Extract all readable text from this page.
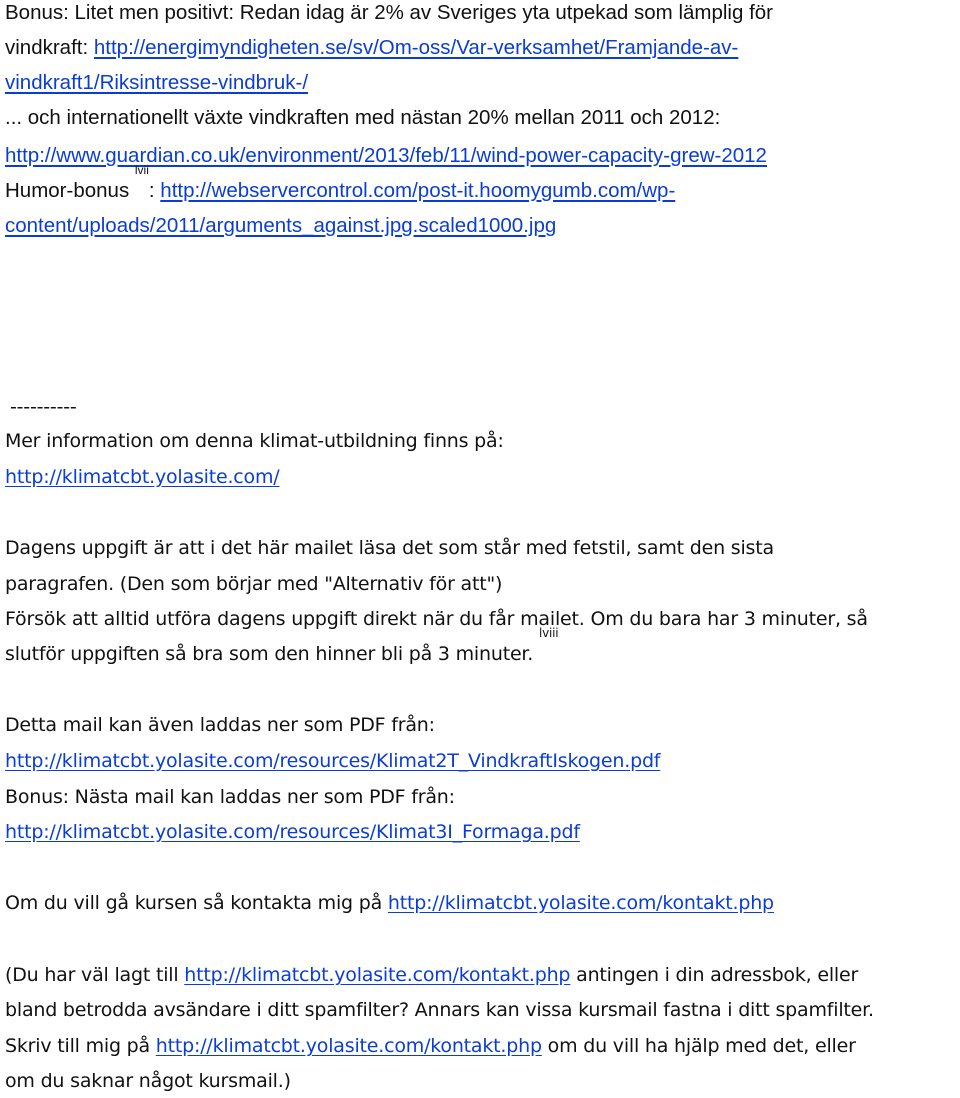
Bonus: Litet men positivt: Redan idag är 2% av Sveriges yta utpekad som lämplig för
vindkraft: http://energimyndigheten.se/sv/Om-oss/Var-verksamhet/Framjande-av-
vindkraft1/Riksintresse-vindbruk-/
... och internationellt växte vindkraften med nästan 20% mellan 2011 och 2012:
http://www.guardian.co.uk/environment/2013/feb/11/wind-power-capacity-grew-2012
Humor-bonus $^{lvii}$: http://webservercontrol.com/post-it.hoomygumb.com/wp-
content/uploads/2011/arguments_against.jpg.scaled1000.jpg
----------
Mer information om denna klimat-utbildning finns på:
http://klimatcbt.yolasite.com/
Dagens uppgift är att i det här mailet läsa det som står med fetstil, samt den sista
paragrafen. (Den som börjar med "Alternativ för att")
Försök att alltid utföra dagens uppgift direkt när du får mailet. Om du bara har 3 minuter, så
slutför uppgiften så bra som den hinner bli på 3 minuter. $^{lviii}$
Detta mail kan även laddas ner som PDF från:
http://klimatcbt.yolasite.com/resources/Klimat2T_VindkraftIskogen.pdf
Bonus: Nästa mail kan laddas ner som PDF från:
http://klimatcbt.yolasite.com/resources/Klimat3I_Formaga.pdf
Om du vill gå kursen så kontakta mig på http://klimatcbt.yolasite.com/kontakt.php
(Du har väl lagt till http://klimatcbt.yolasite.com/kontakt.php antingen i din adressbok, eller
bland betrodda avsändare i ditt spamfilter? Annars kan vissa kursmail fastna i ditt spamfilter.
Skriv till mig på http://klimatcbt.yolasite.com/kontakt.php om du vill ha hjälp med det, eller
om du saknar något kursmail.)
